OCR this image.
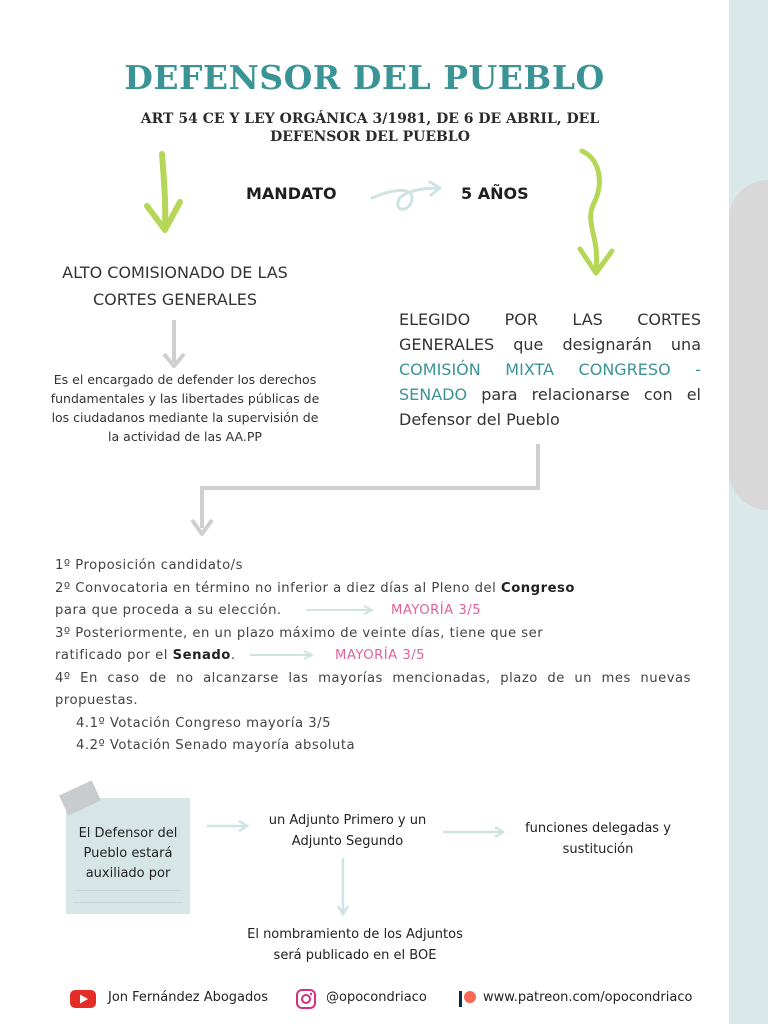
DEFENSOR DEL PUEBLO
ART 54 CE Y LEY ORGÁNICA 3/1981, DE 6 DE ABRIL, DEL
DEFENSOR DEL PUEBLO
MANDATO	5 AÑOS
ALTO COMISIONADO DE LAS
CORTES GENERALES
Es el encargado de defender los derechos
fundamentales y las libertades públicas de
los ciudadanos mediante la supervisión de
la actividad de las AA.PP
ELEGIDO POR LAS CORTES GENERALES que designarán una COMISIÓN MIXTA CONGRESO - SENADO para relacionarse con el Defensor del Pueblo

1º Proposición candidato/s

2º Convocatoria en término no inferior a diez días al Pleno del Congreso

para que proceda a su elección.	MAYORÍA 3/5

3º Posteriormente, en un plazo máximo de veinte días, tiene que ser

ratificado por el Senado.	MAYORÍA 3/5

4º En caso de no alcanzarse las mayorías mencionadas, plazo de un mes nuevas propuestas.

4.1º Votación Congreso mayoría 3/5

4.2º Votación Senado mayoría absoluta

El Defensor del
Pueblo estará
auxiliado por
un Adjunto Primero y un
Adjunto Segundo
funciones delegadas y
sustitución
El nombramiento de los Adjuntos
será publicado en el BOE
Jon Fernández Abogados	@opocondriaco	www.patreon.com/opocondriaco
